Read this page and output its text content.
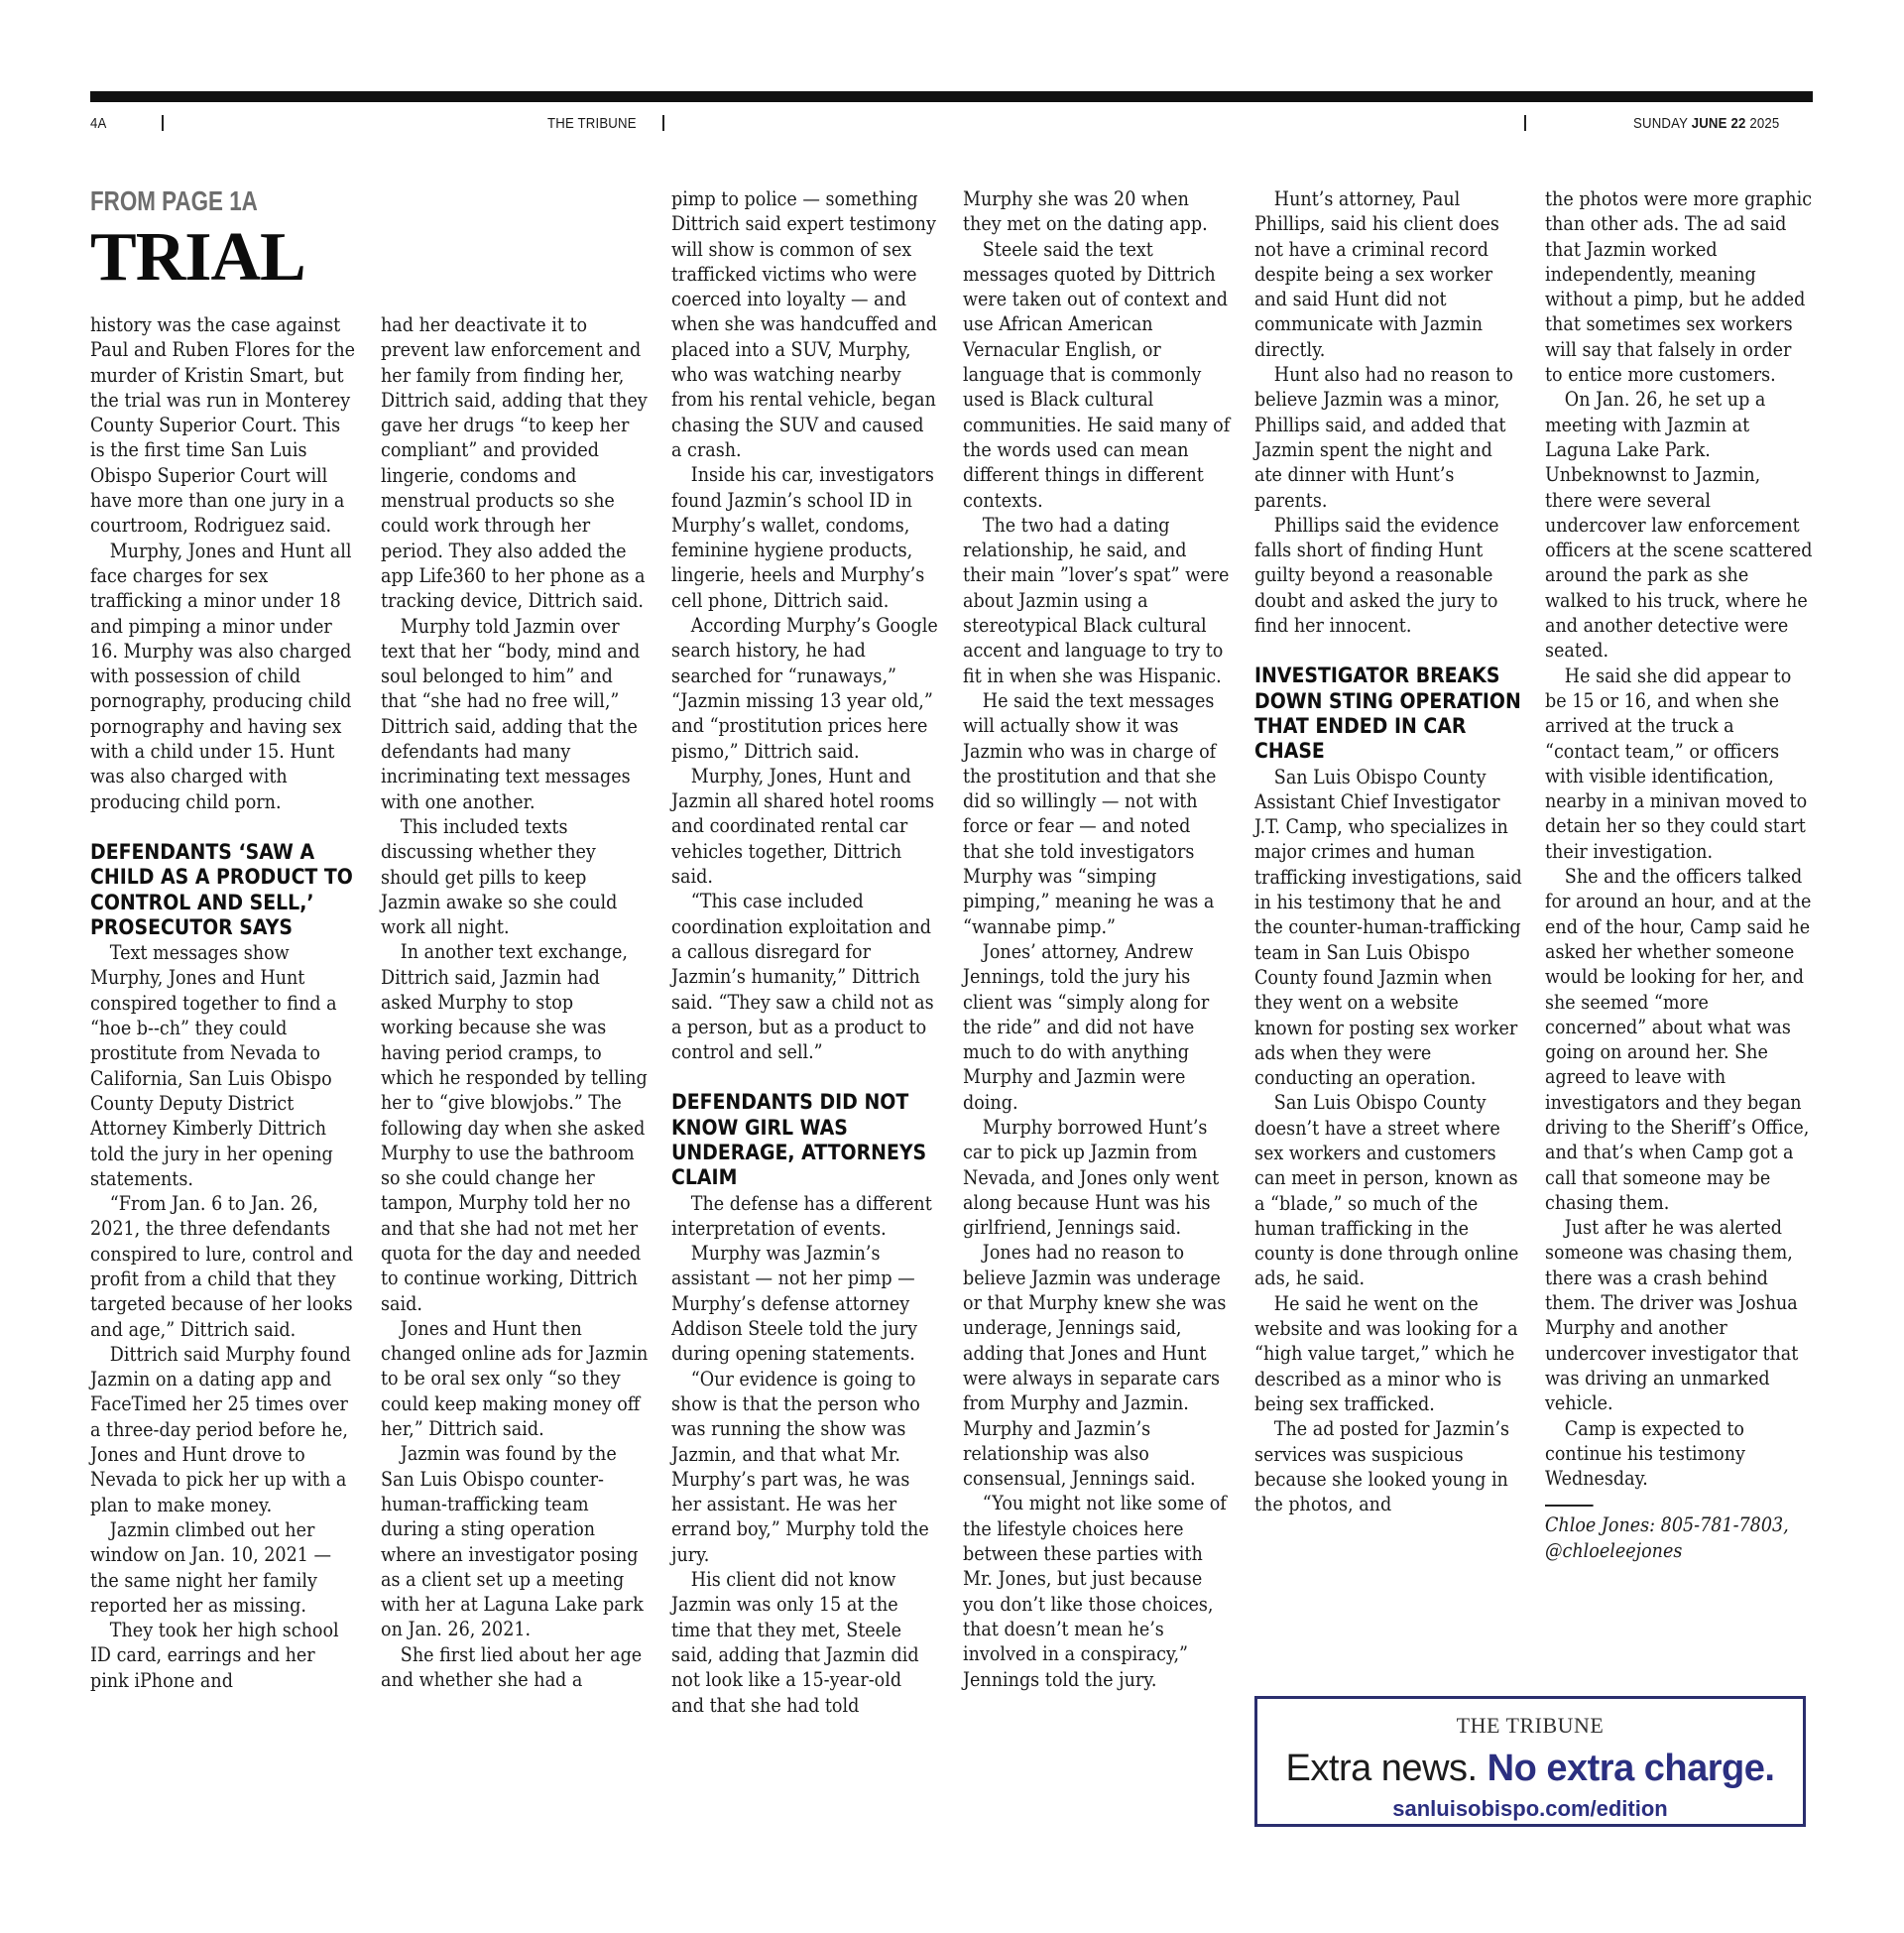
4A	THE TRIBUNE	SUNDAY JUNE 22 2025
FROM PAGE 1A
TRIAL

history was the case against Paul and Ruben Flores for the murder of Kristin Smart, but the trial was run in Monterey County Superior Court. This is the first time San Luis Obispo Superior Court will have more than one jury in a courtroom, Rodriguez said.

Murphy, Jones and Hunt all face charges for sex trafficking a minor under 18 and pimping a minor under 16. Murphy was also charged with possession of child pornography, producing child pornography and having sex with a child under 15. Hunt was also charged with producing child porn.

DEFENDANTS ‘SAW A CHILD AS A PRODUCT TO CONTROL AND SELL,’ PROSECUTOR SAYS

Text messages show Murphy, Jones and Hunt conspired together to find a “hoe b--ch” they could prostitute from Nevada to California, San Luis Obispo County Deputy District Attorney Kimberly Dittrich told the jury in her opening statements.

“From Jan. 6 to Jan. 26, 2021, the three defendants conspired to lure, control and profit from a child that they targeted because of her looks and age,” Dittrich said.

Dittrich said Murphy found Jazmin on a dating app and FaceTimed her 25 times over a three-day period before he, Jones and Hunt drove to Nevada to pick her up with a plan to make money.

Jazmin climbed out her window on Jan. 10, 2021 — the same night her family reported her as missing.

They took her high school ID card, earrings and her pink iPhone and

had her deactivate it to prevent law enforcement and her family from finding her, Dittrich said, adding that they gave her drugs “to keep her compliant” and provided lingerie, condoms and menstrual products so she could work through her period. They also added the app Life360 to her phone as a tracking device, Dittrich said.

Murphy told Jazmin over text that her “body, mind and soul belonged to him” and that “she had no free will,” Dittrich said, adding that the defendants had many incriminating text messages with one another.

This included texts discussing whether they should get pills to keep Jazmin awake so she could work all night.

In another text exchange, Dittrich said, Jazmin had asked Murphy to stop working because she was having period cramps, to which he responded by telling her to “give blowjobs.” The following day when she asked Murphy to use the bathroom so she could change her tampon, Murphy told her no and that she had not met her quota for the day and needed to continue working, Dittrich said.

Jones and Hunt then changed online ads for Jazmin to be oral sex only “so they could keep making money off her,” Dittrich said.

Jazmin was found by the San Luis Obispo counter-human-trafficking team during a sting operation where an investigator posing as a client set up a meeting with her at Laguna Lake park on Jan. 26, 2021.

She first lied about her age and whether she had a

pimp to police — something Dittrich said expert testimony will show is common of sex trafficked victims who were coerced into loyalty — and when she was handcuffed and placed into a SUV, Murphy, who was watching nearby from his rental vehicle, began chasing the SUV and caused a crash.

Inside his car, investigators found Jazmin’s school ID in Murphy’s wallet, condoms, feminine hygiene products, lingerie, heels and Murphy’s cell phone, Dittrich said.

According Murphy’s Google search history, he had searched for “runaways,” “Jazmin missing 13 year old,” and “prostitution prices here pismo,” Dittrich said.

Murphy, Jones, Hunt and Jazmin all shared hotel rooms and coordinated rental car vehicles together, Dittrich said.

“This case included coordination exploitation and a callous disregard for Jazmin’s humanity,” Dittrich said. “They saw a child not as a person, but as a product to control and sell.”

DEFENDANTS DID NOT KNOW GIRL WAS UNDERAGE, ATTORNEYS CLAIM

The defense has a different interpretation of events.

Murphy was Jazmin’s assistant — not her pimp — Murphy’s defense attorney Addison Steele told the jury during opening statements.

“Our evidence is going to show is that the person who was running the show was Jazmin, and that what Mr. Murphy’s part was, he was her assistant. He was her errand boy,” Murphy told the jury.

His client did not know Jazmin was only 15 at the time that they met, Steele said, adding that Jazmin did not look like a 15-year-old and that she had told

Murphy she was 20 when they met on the dating app.

Steele said the text messages quoted by Dittrich were taken out of context and use African American Vernacular English, or language that is commonly used is Black cultural communities. He said many of the words used can mean different things in different contexts.

The two had a dating relationship, he said, and their main ”lover’s spat” were about Jazmin using a stereotypical Black cultural accent and language to try to fit in when she was Hispanic.

He said the text messages will actually show it was Jazmin who was in charge of the prostitution and that she did so willingly — not with force or fear — and noted that she told investigators Murphy was “simping pimping,” meaning he was a “wannabe pimp.”

Jones’ attorney, Andrew Jennings, told the jury his client was “simply along for the ride” and did not have much to do with anything Murphy and Jazmin were doing.

Murphy borrowed Hunt’s car to pick up Jazmin from Nevada, and Jones only went along because Hunt was his girlfriend, Jennings said.

Jones had no reason to believe Jazmin was underage or that Murphy knew she was underage, Jennings said, adding that Jones and Hunt were always in separate cars from Murphy and Jazmin. Murphy and Jazmin’s relationship was also consensual, Jennings said.

“You might not like some of the lifestyle choices here between these parties with Mr. Jones, but just because you don’t like those choices, that doesn’t mean he’s involved in a conspiracy,” Jennings told the jury.

Hunt’s attorney, Paul Phillips, said his client does not have a criminal record despite being a sex worker and said Hunt did not communicate with Jazmin directly.

Hunt also had no reason to believe Jazmin was a minor, Phillips said, and added that Jazmin spent the night and ate dinner with Hunt’s parents.

Phillips said the evidence falls short of finding Hunt guilty beyond a reasonable doubt and asked the jury to find her innocent.

INVESTIGATOR BREAKS DOWN STING OPERATION THAT ENDED IN CAR CHASE

San Luis Obispo County Assistant Chief Investigator J.T. Camp, who specializes in major crimes and human trafficking investigations, said in his testimony that he and the counter-human-trafficking team in San Luis Obispo County found Jazmin when they went on a website known for posting sex worker ads when they were conducting an operation.

San Luis Obispo County doesn’t have a street where sex workers and customers can meet in person, known as a “blade,” so much of the human trafficking in the county is done through online ads, he said.

He said he went on the website and was looking for a “high value target,” which he described as a minor who is being sex trafficked.

The ad posted for Jazmin’s services was suspicious because she looked young in the photos, and

the photos were more graphic than other ads. The ad said that Jazmin worked independently, meaning without a pimp, but he added that sometimes sex workers will say that falsely in order to entice more customers.

On Jan. 26, he set up a meeting with Jazmin at Laguna Lake Park. Unbeknownst to Jazmin, there were several undercover law enforcement officers at the scene scattered around the park as she walked to his truck, where he and another detective were seated.

He said she did appear to be 15 or 16, and when she arrived at the truck a “contact team,” or officers with visible identification, nearby in a minivan moved to detain her so they could start their investigation.

She and the officers talked for around an hour, and at the end of the hour, Camp said he asked her whether someone would be looking for her, and she seemed “more concerned” about what was going on around her. She agreed to leave with investigators and they began driving to the Sheriff’s Office, and that’s when Camp got a call that someone may be chasing them.

Just after he was alerted someone was chasing them, there was a crash behind them. The driver was Joshua Murphy and another undercover investigator that was driving an unmarked vehicle.

Camp is expected to continue his testimony Wednesday.

Chloe Jones: 805-781-7803,

@chloeleejones

THE TRIBUNE
Extra news. No extra charge.
sanluisobispo.com/edition
